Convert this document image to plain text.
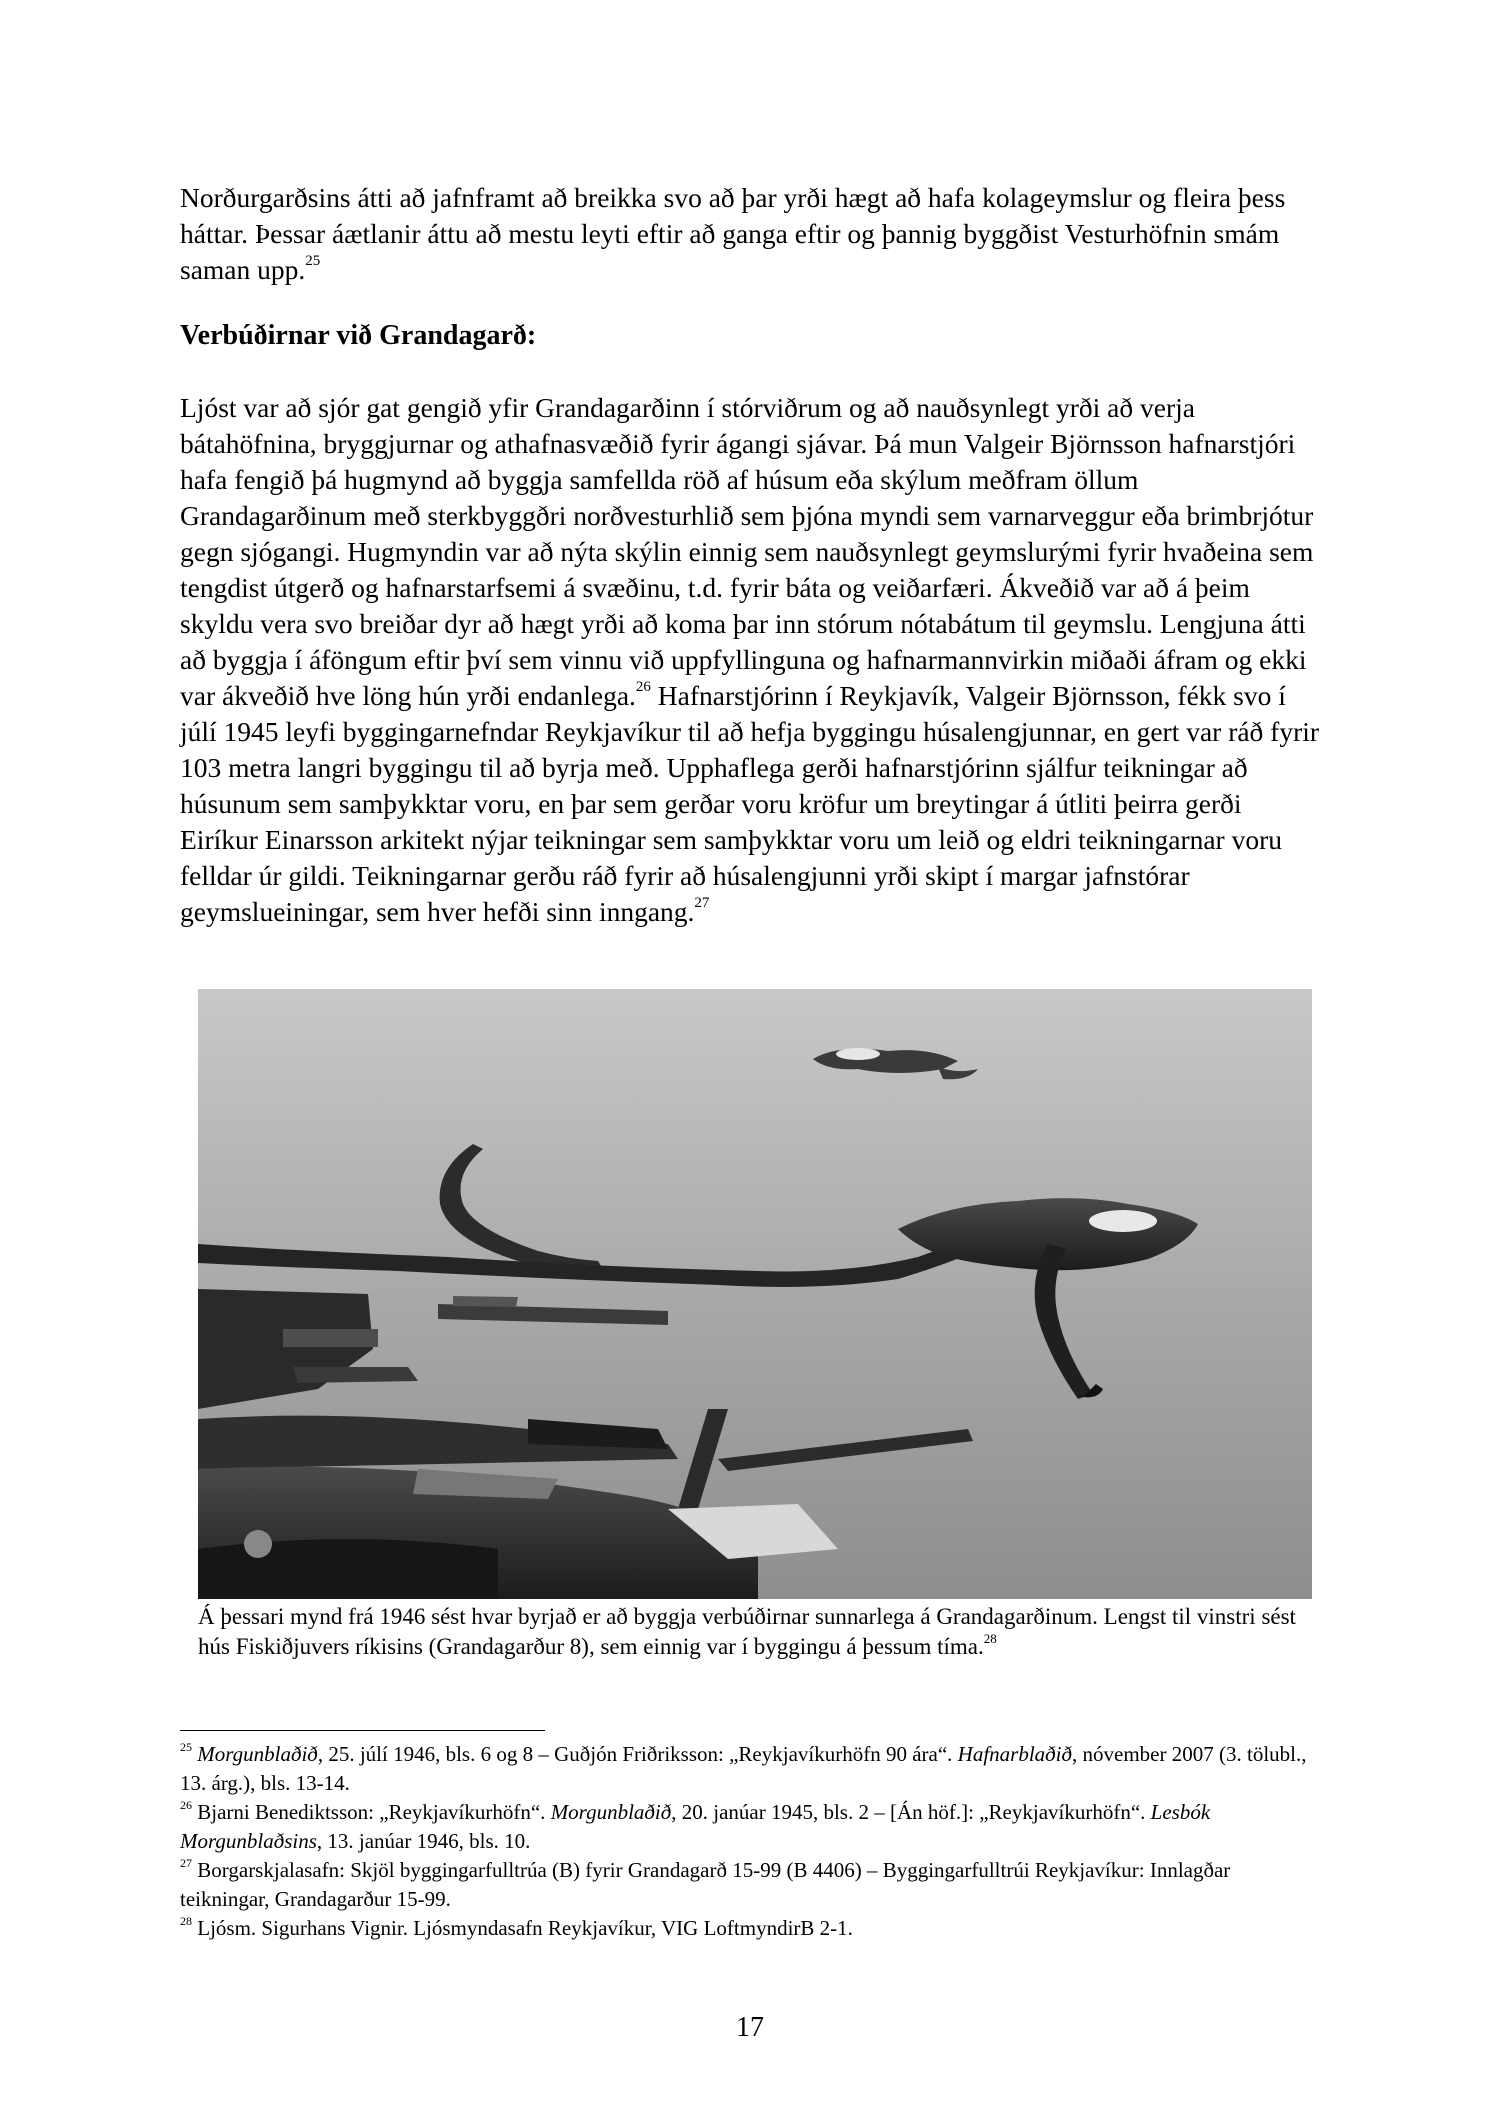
Norðurgarðsins átti að jafnframt að breikka svo að þar yrði hægt að hafa kolageymslur og fleira þess háttar. Þessar áætlanir áttu að mestu leyti eftir að ganga eftir og þannig byggðist Vesturhöfnin smám saman upp.$^{25}$

Verbúðirnar við Grandagarð:

Ljóst var að sjór gat gengið yfir Grandagarðinn í stórviðrum og að nauðsynlegt yrði að verja bátahöfnina, bryggjurnar og athafnasvæðið fyrir ágangi sjávar. Þá mun Valgeir Björnsson hafnarstjóri hafa fengið þá hugmynd að byggja samfellda röð af húsum eða skýlum meðfram öllum Grandagarðinum með sterkbyggðri norðvesturhlið sem þjóna myndi sem varnarveggur eða brimbrjótur gegn sjógangi. Hugmyndin var að nýta skýlin einnig sem nauðsynlegt geymslurými fyrir hvaðeina sem tengdist útgerð og hafnarstarfsemi á svæðinu, t.d. fyrir báta og veiðarfæri. Ákveðið var að á þeim skyldu vera svo breiðar dyr að hægt yrði að koma þar inn stórum nótabátum til geymslu. Lengjuna átti að byggja í áföngum eftir því sem vinnu við uppfyllinguna og hafnarmannvirkin miðaði áfram og ekki var ákveðið hve löng hún yrði endanlega.$^{26}$ Hafnarstjórinn í Reykjavík, Valgeir Björnsson, fékk svo í júlí 1945 leyfi byggingarnefndar Reykjavíkur til að hefja byggingu húsalengjunnar, en gert var ráð fyrir 103 metra langri byggingu til að byrja með. Upphaflega gerði hafnarstjórinn sjálfur teikningar að húsunum sem samþykktar voru, en þar sem gerðar voru kröfur um breytingar á útliti þeirra gerði Eiríkur Einarsson arkitekt nýjar teikningar sem samþykktar voru um leið og eldri teikningarnar voru felldar úr gildi. Teikningarnar gerðu ráð fyrir að húsalengjunni yrði skipt í margar jafnstórar geymslueiningar, sem hver hefði sinn inngang.$^{27}$

Á þessari mynd frá 1946 sést hvar byrjað er að byggja verbúðirnar sunnarlega á Grandagarðinum. Lengst til vinstri sést hús Fiskiðjuvers ríkisins (Grandagarður 8), sem einnig var í byggingu á þessum tíma.$^{28}$

$^{25}$ Morgunblaðið, 25. júlí 1946, bls. 6 og 8 – Guðjón Friðriksson: „Reykjavíkurhöfn 90 ára“. Hafnarblaðið, nóvember 2007 (3. tölubl., 13. árg.), bls. 13-14.

$^{26}$ Bjarni Benediktsson: „Reykjavíkurhöfn“. Morgunblaðið, 20. janúar 1945, bls. 2 – [Án höf.]: „Reykjavíkurhöfn“. Lesbók Morgunblaðsins, 13. janúar 1946, bls. 10.

$^{27}$ Borgarskjalasafn: Skjöl byggingarfulltrúa (B) fyrir Grandagarð 15-99 (B 4406) – Byggingarfulltrúi Reykjavíkur: Innlagðar teikningar, Grandagarður 15-99.

$^{28}$ Ljósm. Sigurhans Vignir. Ljósmyndasafn Reykjavíkur, VIG LoftmyndirB 2-1.

17
